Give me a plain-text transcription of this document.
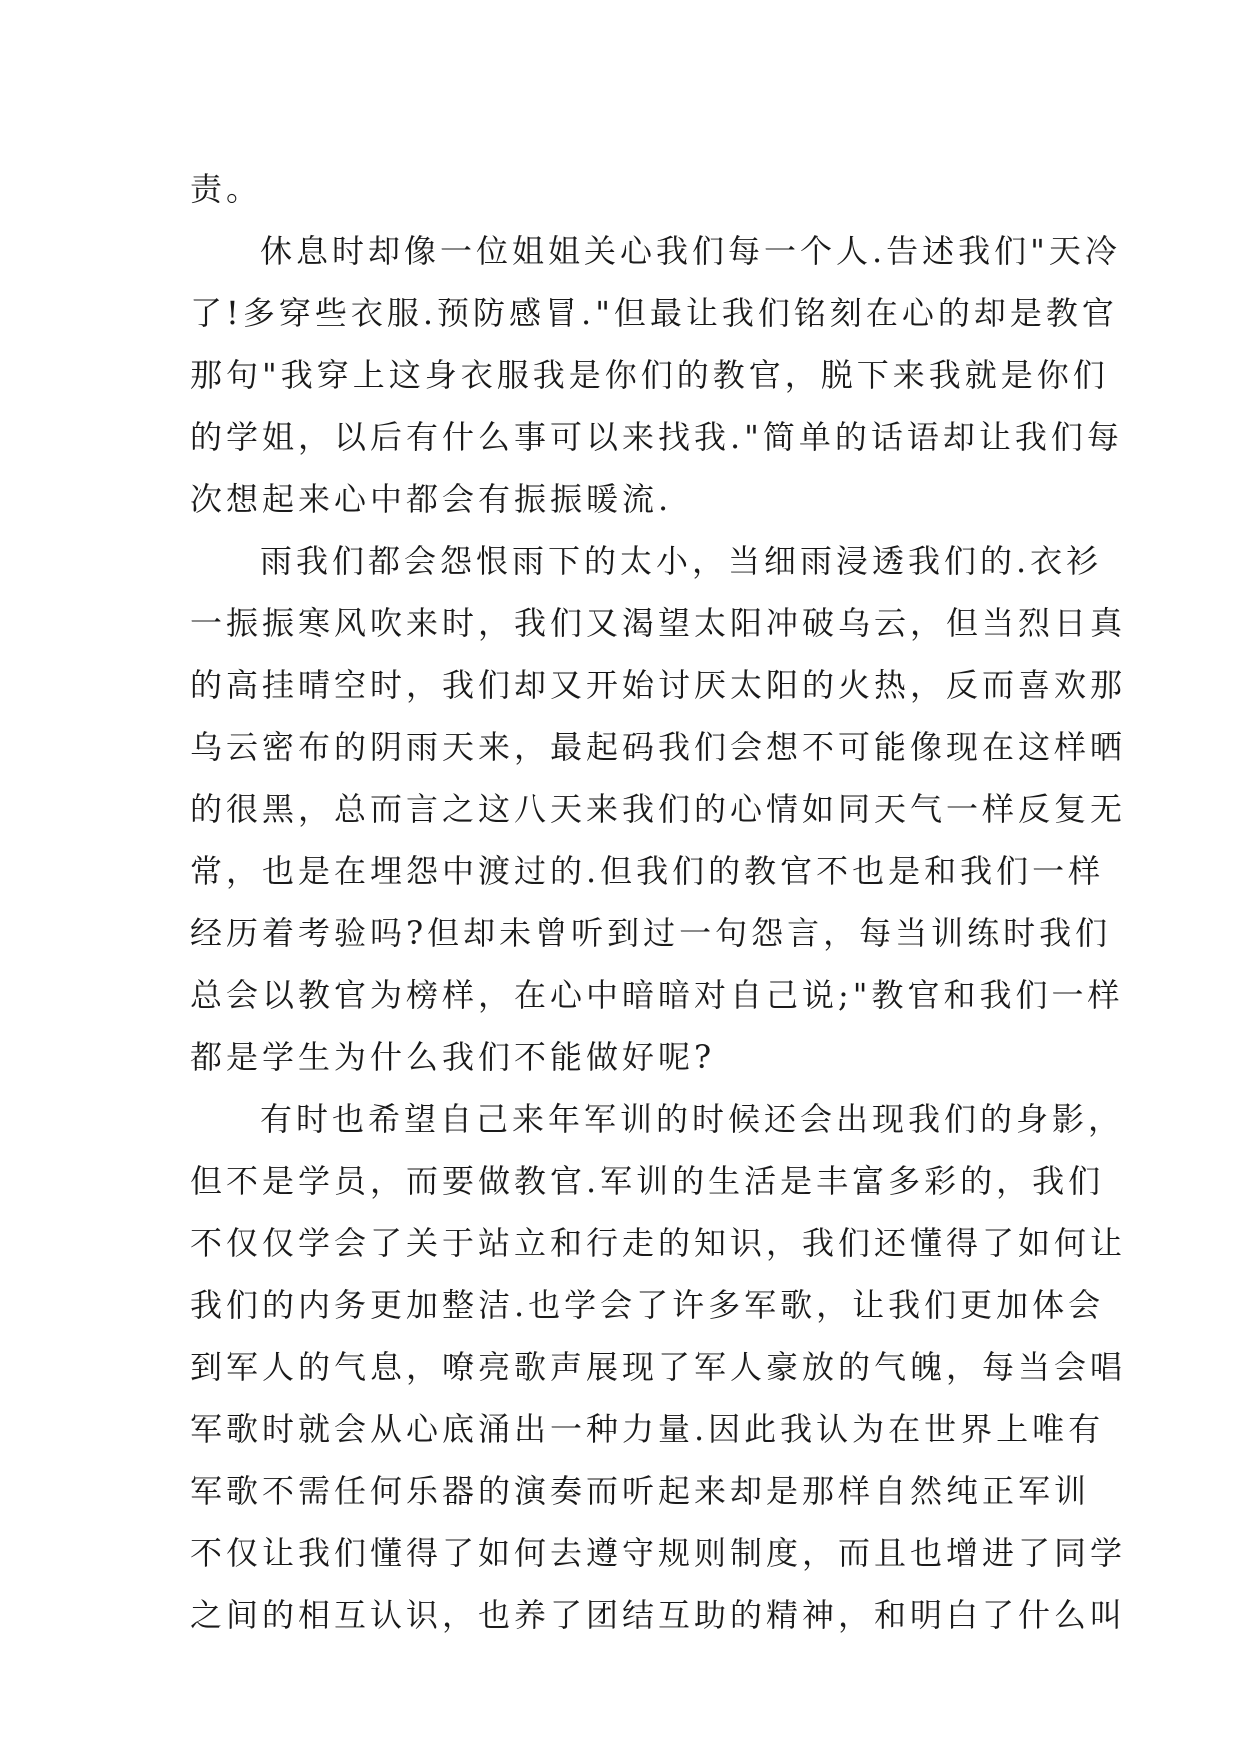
责。
休息时却像一位姐姐关心我们每一个人.告述我们"天冷
了!多穿些衣服.预防感冒."但最让我们铭刻在心的却是教官
那句"我穿上这身衣服我是你们的教官，脱下来我就是你们
的学姐，以后有什么事可以来找我."简单的话语却让我们每
次想起来心中都会有振振暖流.
雨我们都会怨恨雨下的太小，当细雨浸透我们的.衣衫
一振振寒风吹来时，我们又渴望太阳冲破乌云，但当烈日真
的高挂晴空时，我们却又开始讨厌太阳的火热，反而喜欢那
乌云密布的阴雨天来，最起码我们会想不可能像现在这样晒
的很黑，总而言之这八天来我们的心情如同天气一样反复无
常，也是在埋怨中渡过的.但我们的教官不也是和我们一样
经历着考验吗?但却未曾听到过一句怨言，每当训练时我们
总会以教官为榜样，在心中暗暗对自己说;"教官和我们一样
都是学生为什么我们不能做好呢?
有时也希望自己来年军训的时候还会出现我们的身影，
但不是学员，而要做教官.军训的生活是丰富多彩的，我们
不仅仅学会了关于站立和行走的知识，我们还懂得了如何让
我们的内务更加整洁.也学会了许多军歌，让我们更加体会
到军人的气息，嘹亮歌声展现了军人豪放的气魄，每当会唱
军歌时就会从心底涌出一种力量.因此我认为在世界上唯有
军歌不需任何乐器的演奏而听起来却是那样自然纯正军训
不仅让我们懂得了如何去遵守规则制度，而且也增进了同学
之间的相互认识，也养了团结互助的精神，和明白了什么叫
